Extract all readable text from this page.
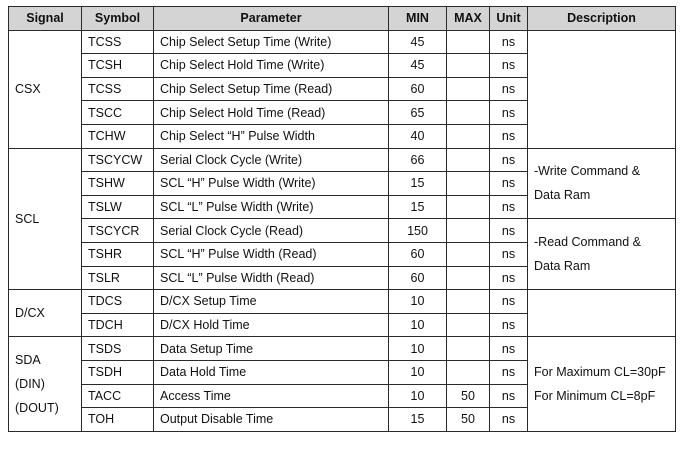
Signal	Symbol	Parameter	MIN	MAX	Unit	Description

CSX	TCSS	Chip Select Setup Time (Write)	45		ns	
	TCSH	Chip Select Hold Time (Write)	45		ns	
	TCSS	Chip Select Setup Time (Read)	60		ns	
	TSCC	Chip Select Hold Time (Read)	65		ns	
	TCHW	Chip Select “H” Pulse Width	40		ns	

SCL	TSCYCW	Serial Clock Cycle (Write)	66		ns	-Write Command &
Data Ram

	TSHW	SCL “H” Pulse Width (Write)	15		ns	
	TSLW	SCL “L” Pulse Width (Write)	15		ns	
	TSCYCR	Serial Clock Cycle (Read)	150		ns	-Read Command &
Data Ram

	TSHR	SCL “H” Pulse Width (Read)	60		ns	
	TSLR	SCL “L” Pulse Width (Read)	60		ns	

D/CX	TDCS	D/CX Setup Time	10		ns	
	TDCH	D/CX Hold Time	10		ns	

SDA
(DIN)
(DOUT)	TSDS	Data Setup Time	10		ns	For Maximum CL=30pF
For Minimum CL=8pF

	TSDH	Data Hold Time	10		ns	
	TACC	Access Time	10	50	ns	
	TOH	Output Disable Time	15	50	ns	
